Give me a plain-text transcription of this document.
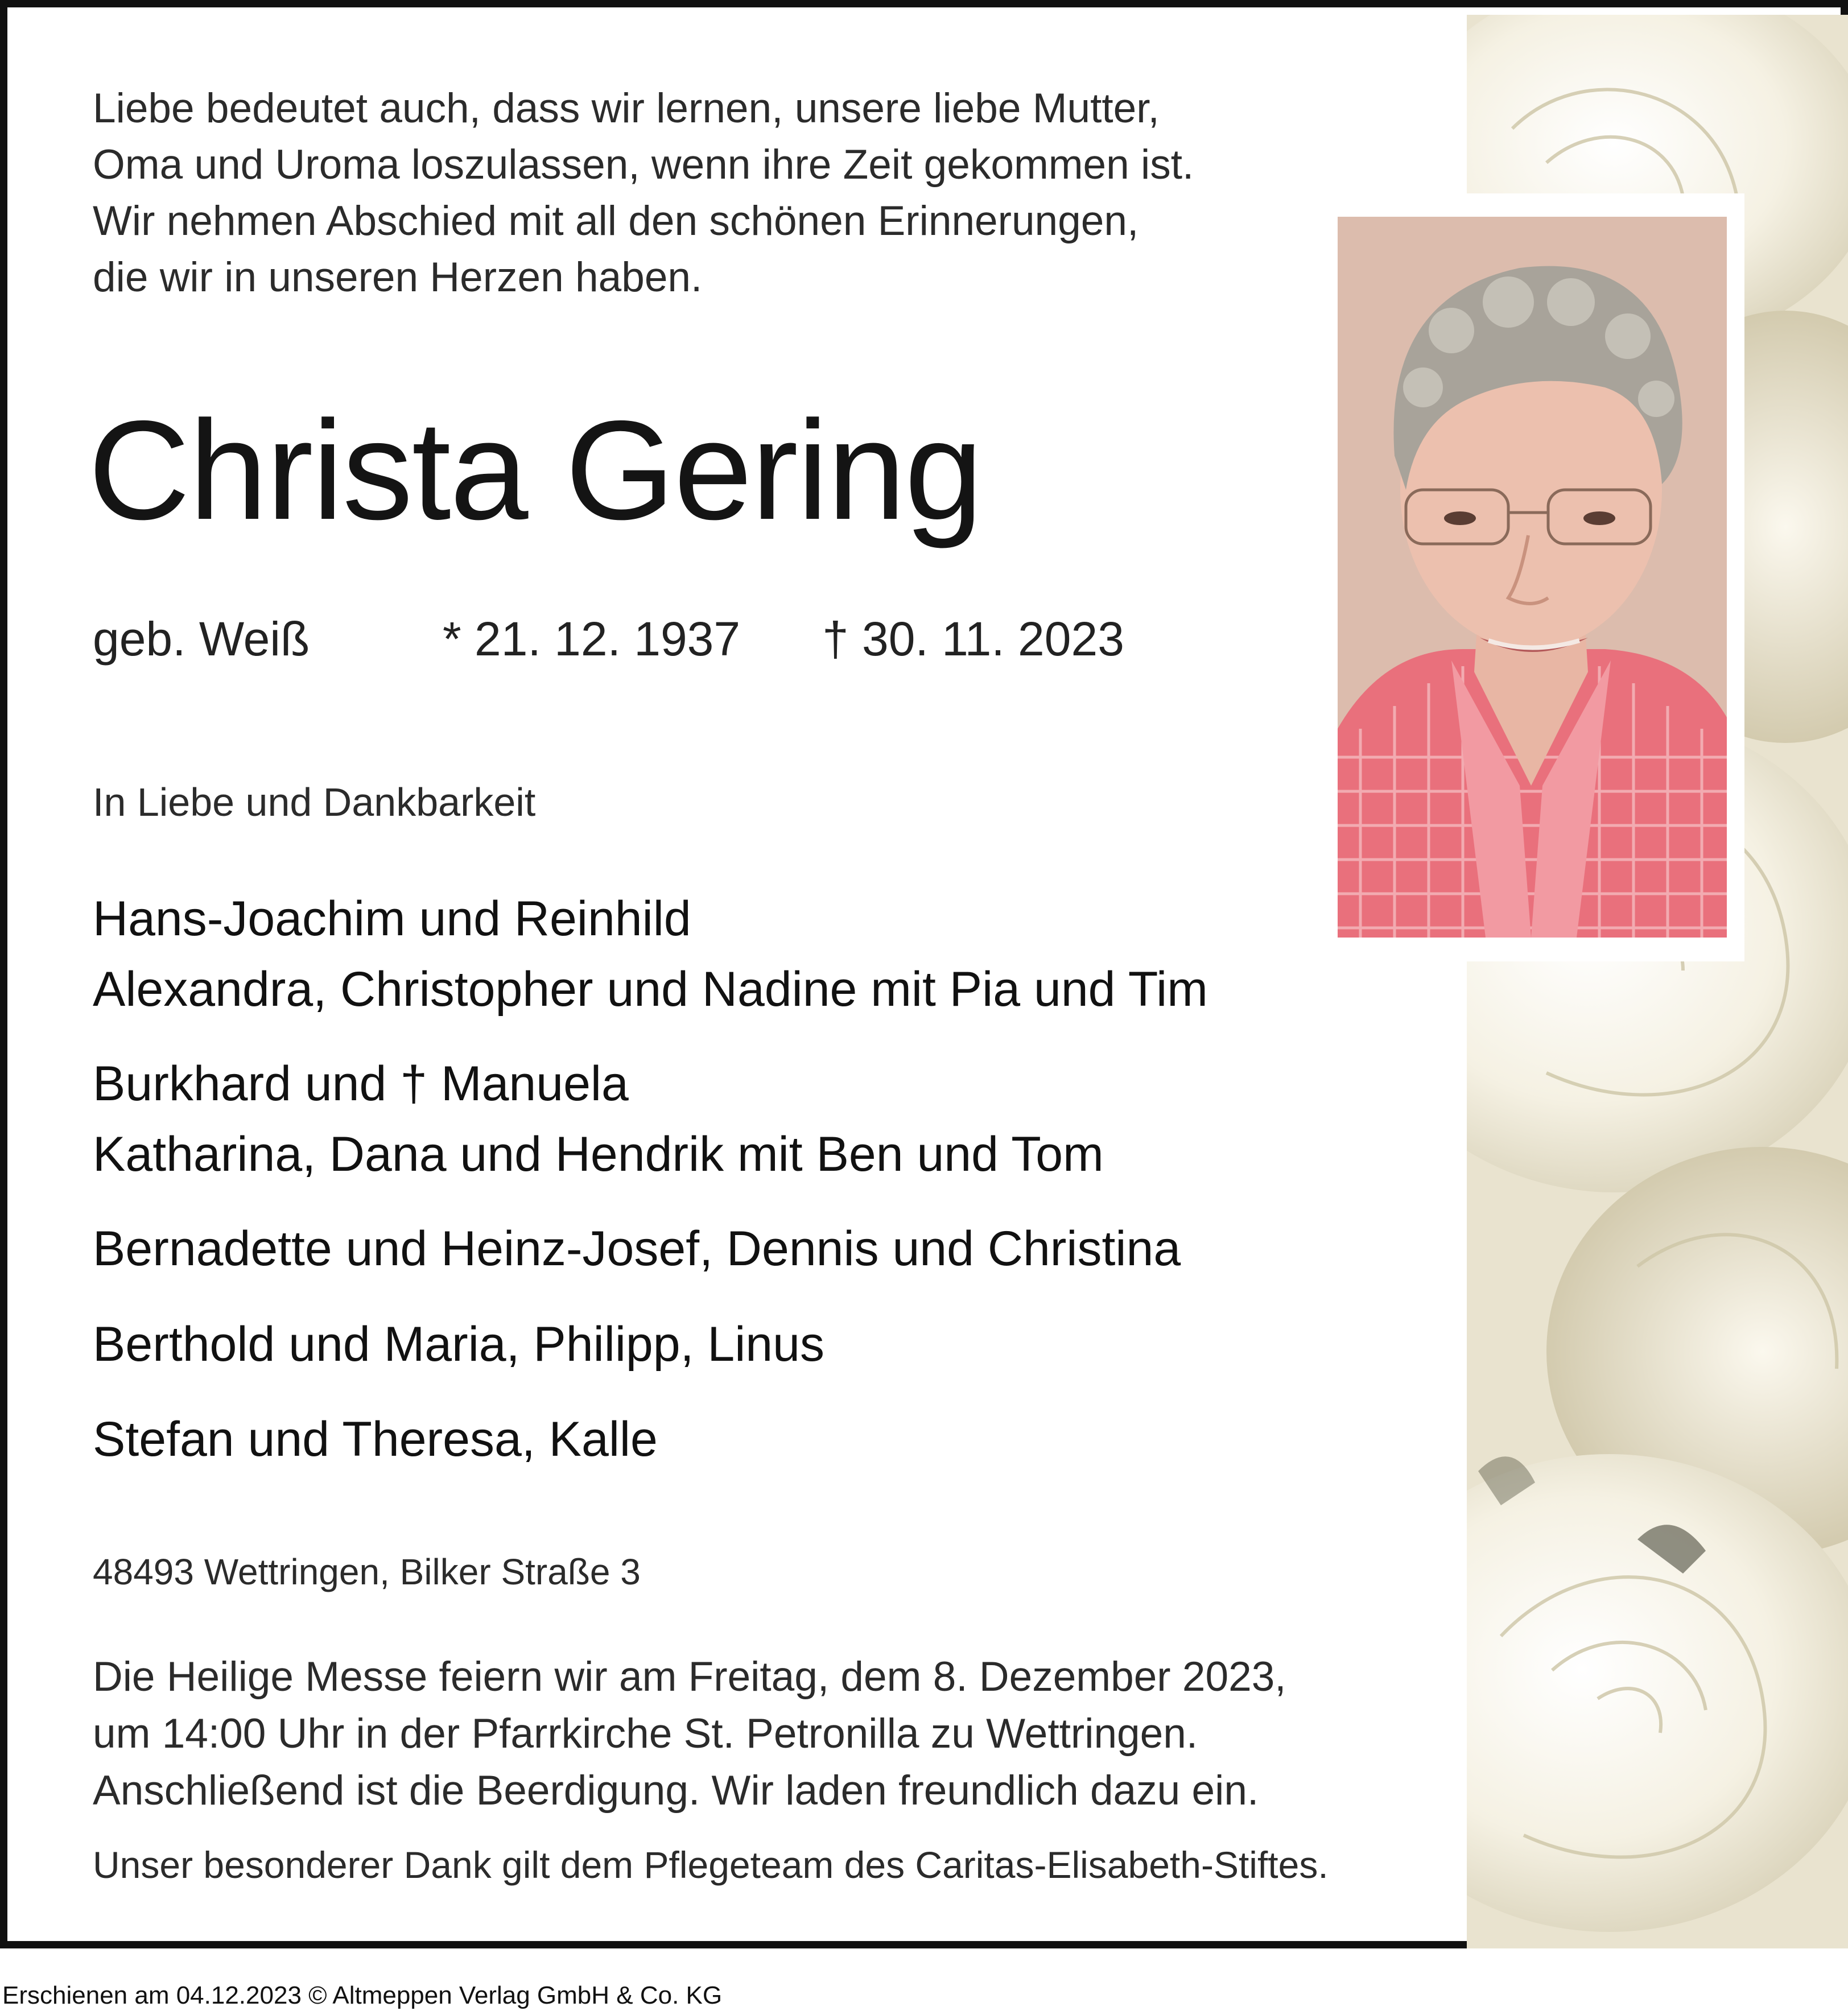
Liebe bedeutet auch, dass wir lernen, unsere liebe Mutter,
Oma und Uroma loszulassen, wenn ihre Zeit gekommen ist.
Wir nehmen Abschied mit all den schönen Erinnerungen,
die wir in unseren Herzen haben.
Christa Gering
geb. Weiß	* 21. 12. 1937 † 30. 11. 2023
In Liebe und Dankbarkeit
Hans-Joachim und Reinhild
Alexandra, Christopher und Nadine mit Pia und Tim
Burkhard und † Manuela
Katharina, Dana und Hendrik mit Ben und Tom
Bernadette und Heinz-Josef, Dennis und Christina
Berthold und Maria, Philipp, Linus
Stefan und Theresa, Kalle
48493 Wettringen, Bilker Straße 3
Die Heilige Messe feiern wir am Freitag, dem 8. Dezember 2023,
um 14:00 Uhr in der Pfarrkirche St. Petronilla zu Wettringen.
Anschließend ist die Beerdigung. Wir laden freundlich dazu ein.
Unser besonderer Dank gilt dem Pflegeteam des Caritas-Elisabeth-Stiftes.
Erschienen am 04.12.2023 © Altmeppen Verlag GmbH & Co. KG
